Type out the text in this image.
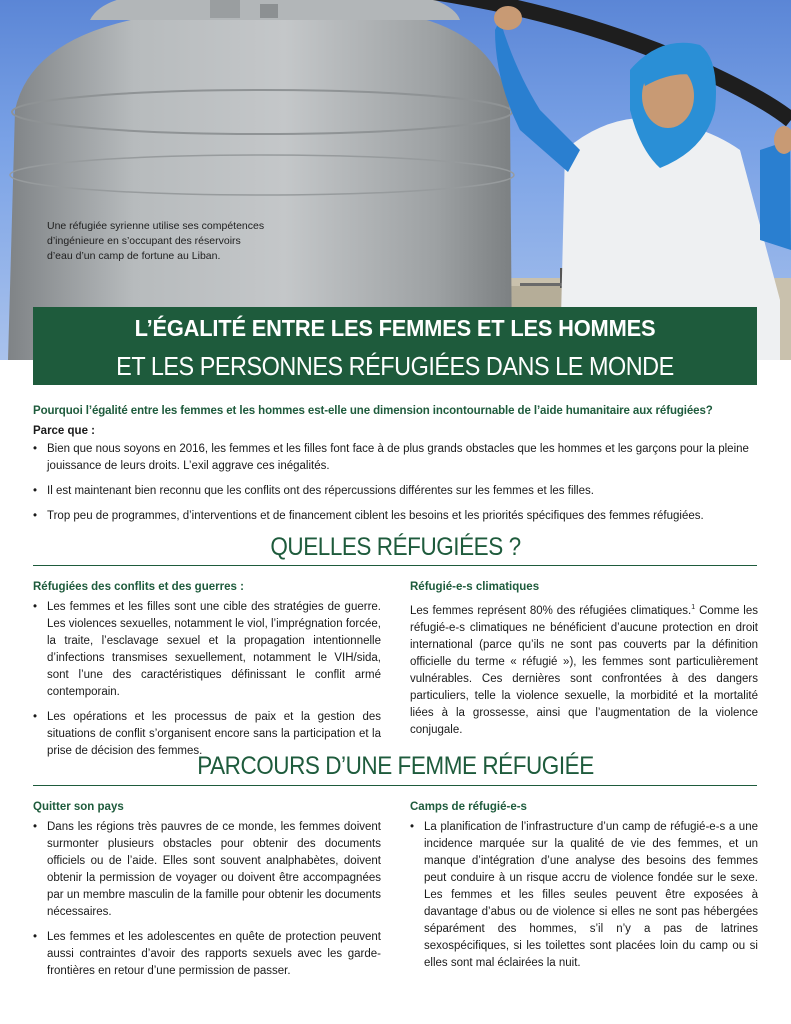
Une réfugiée syrienne utilise ses compétences d’ingénieure en s’occupant des réservoirs d’eau d’un camp de fortune au Liban.
L’ÉGALITÉ ENTRE LES FEMMES ET LES HOMMES
ET LES PERSONNES RÉFUGIÉES DANS LE MONDE
Pourquoi l’égalité entre les femmes et les hommes est-elle une dimension incontournable de l’aide humanitaire aux réfugiées?
Parce que :
• Bien que nous soyons en 2016, les femmes et les filles font face à de plus grands obstacles que les hommes et les garçons pour la pleine jouissance de leurs droits. L’exil aggrave ces inégalités.
• Il est maintenant bien reconnu que les conflits ont des répercussions différentes sur les femmes et les filles.
• Trop peu de programmes, d’interventions et de financement ciblent les besoins et les priorités spécifiques des femmes réfugiées.
QUELLES RÉFUGIÉES ?
Réfugiées des conflits et des guerres :
• Les femmes et les filles sont une cible des stratégies de guerre. Les violences sexuelles, notamment le viol, l’imprégnation forcée, la traite, l’esclavage sexuel et la propagation intentionnelle d’infections transmises sexuellement, notamment le VIH/sida, sont l’une des caractéristiques définissant le conflit armé contemporain.
• Les opérations et les processus de paix et la gestion des situations de conflit s’organisent encore sans la participation et la prise de décision des femmes.
Réfugié-e-s climatiques

Les femmes représent 80% des réfugiées climatiques.$^1$ Comme les réfugié-e-s climatiques ne bénéficient d’aucune protection en droit international (parce qu’ils ne sont pas couverts par la définition officielle du terme « réfugié »), les femmes sont particulièrement vulnérables. Ces dernières sont confrontées à des dangers particuliers, telle la violence sexuelle, la morbidité et la mortalité liées à la grossesse, ainsi que l’augmentation de la violence conjugale.

PARCOURS D’UNE FEMME RÉFUGIÉE
Quitter son pays
• Dans les régions très pauvres de ce monde, les femmes doivent surmonter plusieurs obstacles pour obtenir des documents officiels ou de l’aide. Elles sont souvent analphabètes, doivent obtenir la permission de voyager ou doivent être accompagnées par un membre masculin de la famille pour obtenir les documents nécessaires.
• Les femmes et les adolescentes en quête de protection peuvent aussi contraintes d’avoir des rapports sexuels avec les garde-frontières en retour d’une permission de passer.
Camps de réfugié-e-s
• La planification de l’infrastructure d’un camp de réfugié-e-s a une incidence marquée sur la qualité de vie des femmes, et un manque d’intégration d’une analyse des besoins des femmes peut conduire à un risque accru de violence fondée sur le sexe. Les femmes et les filles seules peuvent être exposées à davantage d’abus ou de violence si elles ne sont pas hébergées séparément des hommes, s’il n’y a pas de latrines sexospécifiques, si les toilettes sont placées loin du camp ou si elles sont mal éclairées la nuit.
